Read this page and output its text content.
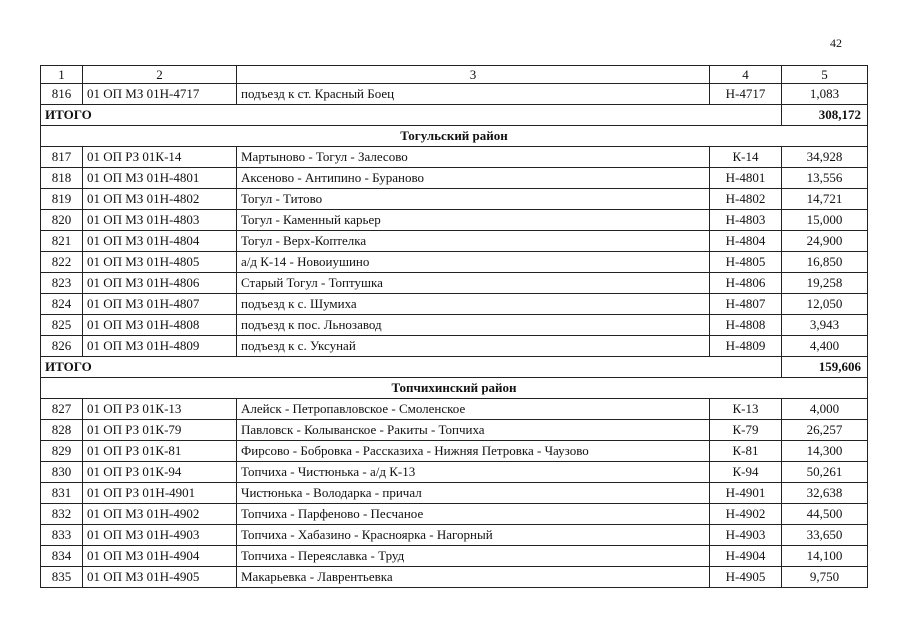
42
1	2	3	4	5
816	01 ОП МЗ 01Н-4717	подъезд к ст. Красный Боец	Н-4717	1,083
ИТОГО				308,172
Тогульский район				
817	01 ОП РЗ 01К-14	Мартыново - Тогул - Залесово	К-14	34,928
818	01 ОП МЗ 01Н-4801	Аксеново - Антипино - Бураново	Н-4801	13,556
819	01 ОП МЗ 01Н-4802	Тогул - Титово	Н-4802	14,721
820	01 ОП МЗ 01Н-4803	Тогул - Каменный карьер	Н-4803	15,000
821	01 ОП МЗ 01Н-4804	Тогул - Верх-Коптелка	Н-4804	24,900
822	01 ОП МЗ 01Н-4805	а/д К-14 - Новоиушино	Н-4805	16,850
823	01 ОП МЗ 01Н-4806	Старый Тогул - Топтушка	Н-4806	19,258
824	01 ОП МЗ 01Н-4807	подъезд к с. Шумиха	Н-4807	12,050
825	01 ОП МЗ 01Н-4808	подъезд к пос. Льнозавод	Н-4808	3,943
826	01 ОП МЗ 01Н-4809	подъезд к с. Уксунай	Н-4809	4,400
ИТОГО				159,606
Топчихинский район				
827	01 ОП РЗ 01К-13	Алейск - Петропавловское - Смоленское	К-13	4,000
828	01 ОП РЗ 01К-79	Павловск - Колыванское - Ракиты - Топчиха	К-79	26,257
829	01 ОП РЗ 01К-81	Фирсово - Бобровка - Рассказиха - Нижняя Петровка - Чаузово	К-81	14,300
830	01 ОП РЗ 01К-94	Топчиха - Чистюнька - а/д К-13	К-94	50,261
831	01 ОП РЗ 01Н-4901	Чистюнька - Володарка - причал	Н-4901	32,638
832	01 ОП МЗ 01Н-4902	Топчиха - Парфеново - Песчаное	Н-4902	44,500
833	01 ОП МЗ 01Н-4903	Топчиха - Хабазино - Красноярка - Нагорный	Н-4903	33,650
834	01 ОП МЗ 01Н-4904	Топчиха - Переяславка - Труд	Н-4904	14,100
835	01 ОП МЗ 01Н-4905	Макарьевка - Лаврентьевка	Н-4905	9,750
